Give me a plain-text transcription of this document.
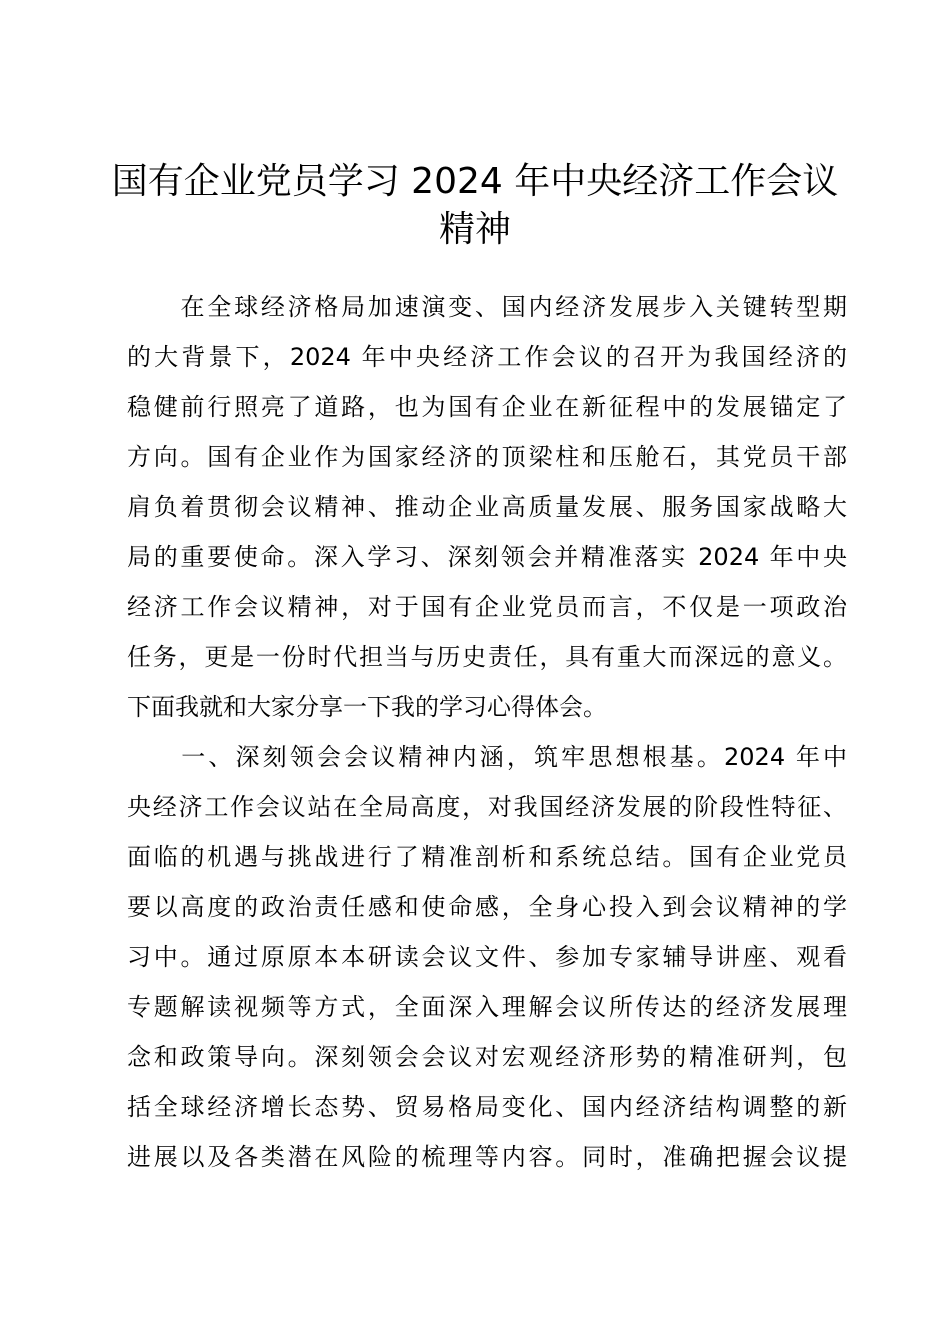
国有企业党员学习 2024 年中央经济工作会议
精神
　　在全球经济格局加速演变、国内经济发展步入关键转型期
的大背景下，2024 年中央经济工作会议的召开为我国经济的
稳健前行照亮了道路，也为国有企业在新征程中的发展锚定了
方向。国有企业作为国家经济的顶梁柱和压舱石，其党员干部
肩负着贯彻会议精神、推动企业高质量发展、服务国家战略大
局的重要使命。深入学习、深刻领会并精准落实 2024 年中央
经济工作会议精神，对于国有企业党员而言，不仅是一项政治
任务，更是一份时代担当与历史责任，具有重大而深远的意义。
下面我就和大家分享一下我的学习心得体会。
　　一、深刻领会会议精神内涵，筑牢思想根基。2024 年中
央经济工作会议站在全局高度，对我国经济发展的阶段性特征、
面临的机遇与挑战进行了精准剖析和系统总结。国有企业党员
要以高度的政治责任感和使命感，全身心投入到会议精神的学
习中。通过原原本本研读会议文件、参加专家辅导讲座、观看
专题解读视频等方式，全面深入理解会议所传达的经济发展理
念和政策导向。深刻领会会议对宏观经济形势的精准研判，包
括全球经济增长态势、贸易格局变化、国内经济结构调整的新
进展以及各类潜在风险的梳理等内容。同时，准确把握会议提
